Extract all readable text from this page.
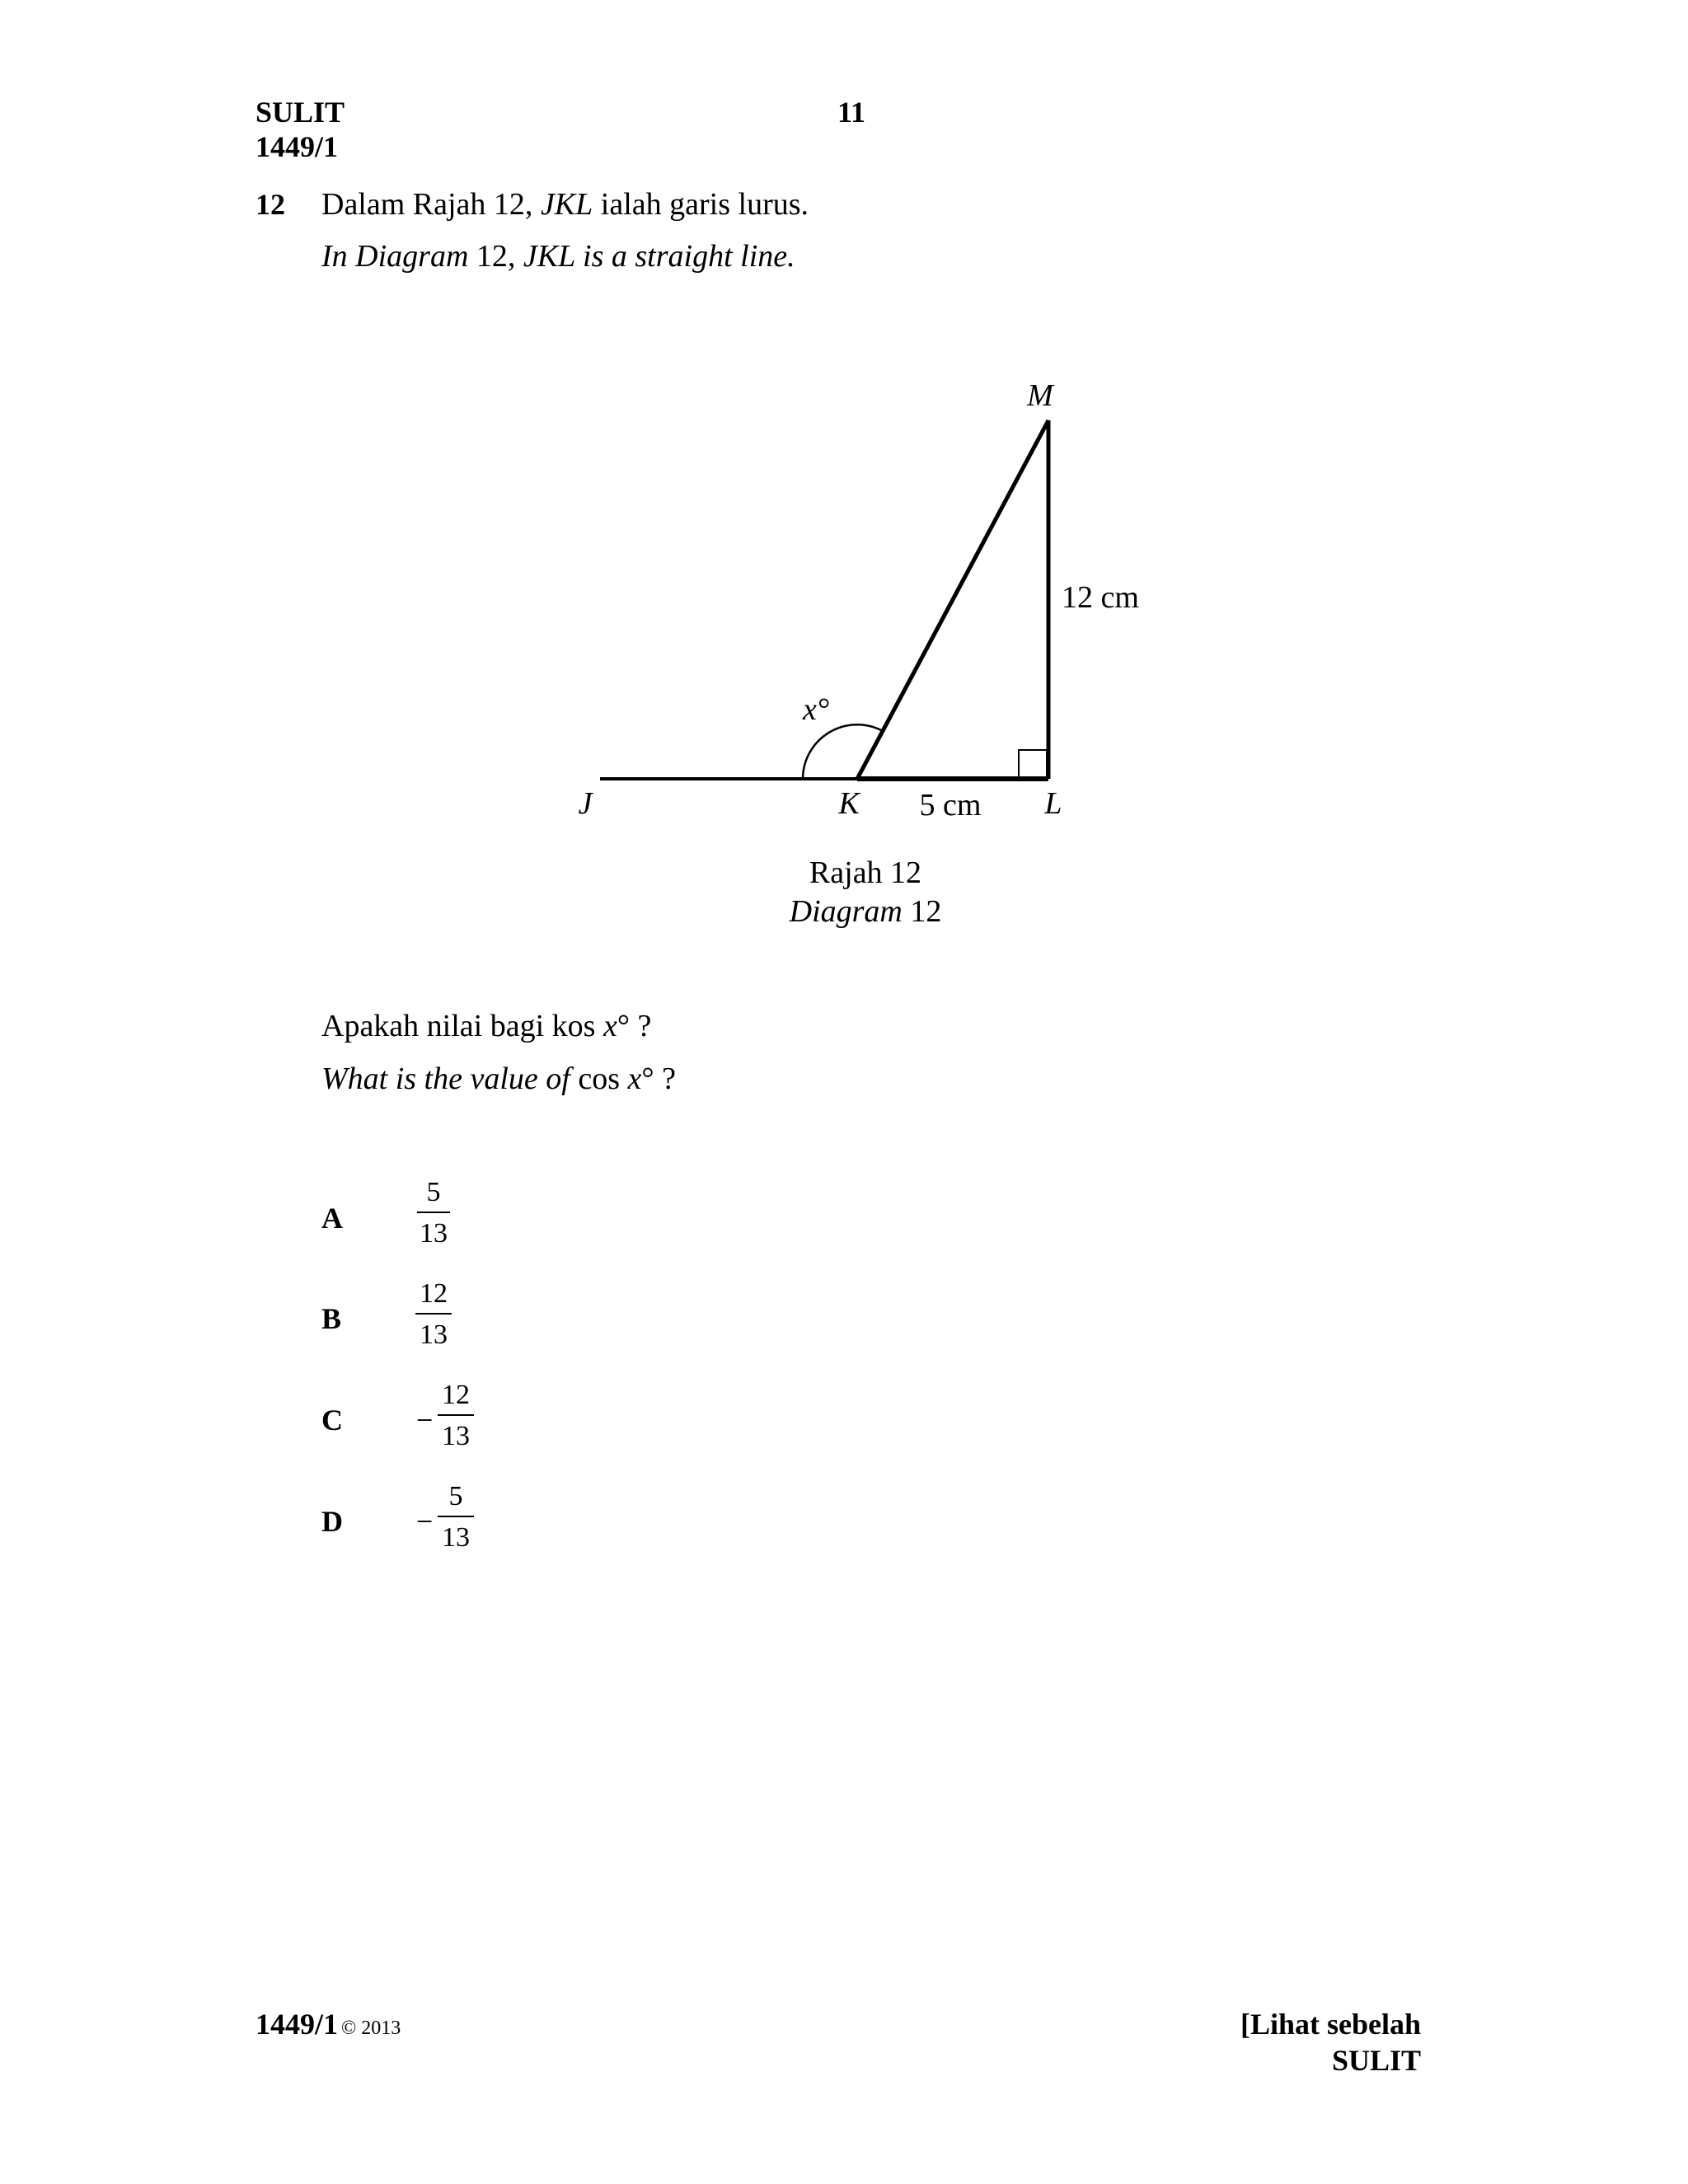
SULIT
1449/1
11
12 Dalam Rajah 12, JKL ialah garis lurus.
In Diagram 12, JKL is a straight line.
M
J	K	L
x°
12 cm
5 cm
Rajah 12
Diagram 12
Apakah nilai bagi kos x° ?
What is the value of cos x° ?
A
5
13
B
12
13
C −
12
13
D −
5
13
1449/1 © 2013	[Lihat sebelah
SULIT
